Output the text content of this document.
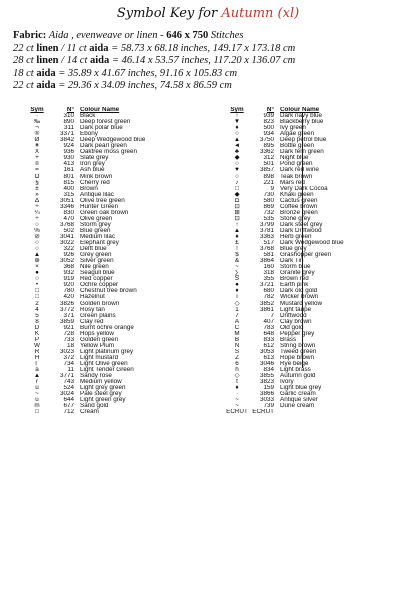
Symbol Key for Autumn (xl)
Fabric: Aida , evenweave or linen - 646 x 750 Stitches
22 ct linen / 11 ct aida = 58.73 x 68.18 inches, 149.17 x 173.18 cm
28 ct linen / 14 ct aida = 46.14 x 53.57 inches, 117.20 x 136.07 cm
18 ct aida = 35.89 x 41.67 inches, 91.16 x 105.83 cm
22 ct aida = 29.36 x 34.09 inches, 74.58 x 86.59 cm
Sym	N°	Colour Name
·	310	Black
‰	890	Deep forest green
¬	311	Dark polar blue
®	3371	Ebony
Ø	3842	Deep Wedgewood blue
¥	924	Dark pearl green
X	936	Oaktree moss green
+	930	Slate grey
¤	413	Iron grey
=	161	Ash blue
Ω	801	Mink brown
§	815	Cherry red
±	400	Brown
»	315	Antique lilac
Δ	3051	Olive tree green
÷	3346	Hunter Green
¼	830	Green oak brown
÷	470	Olive green
○	3768	Storm grey
%	502	Blue green
⊘	3041	Medium lilac
○	3022	Elephant grey
○	322	Delft blue
▲	926	Grey green
⊕	3052	Silver green
×	368	Nile green
●	932	Seagull blue
○	919	Red copper
•	920	Ochre copper
□	780	Chestnut tree brown
□	420	Hazelnut
2	3826	Golden brown
4	3772	Rosy tan
5	371	Green plains
8	3859	Clay red
D	921	Burnt ochre orange
K	728	Hops yellow
P	733	Golden green
W	18	Yellow Plum
R	3023	Light platinum grey
H	372	Light mustard
Γ	734	Light Olive green
a	11	Light Tender Green
▲	3771	Sandy rose
r	743	Medium yellow
u	524	Light grey green
~	3024	Pale steel grey
u	644	Light green grey
m	677	Sand gold
□	712	Cream
Sym	N°	Colour Name
↑	939	Dark navy blue
▼	823	Blackberry blue
♦	500	Ivy green
○	934	Algae green
▲	3750	Deep petrol blue
◄	895	Bottle green
♣	3362	Dark fern green
◆	312	Night blue
○	501	Pond green
♥	3857	Dark red wine
○	898	Teak brown
♪	221	Mars red
□	9	Very Dark Cocoa
◆	730	Khaki green
◘	580	Cactus green
⊡	869	Coffee brown
⊞	732	Bronze green
⊡	535	Stone grey
↑	3799	Dark steel grey
▲	3781	Dark Driftwood
♦	3363	Herb green
£	517	Dark Wedgewood blue
!	3768	Blue grey
$	581	Grashopper green
&	3864	Dark Tin
~	160	Storm blue
∑	318	Granite grey
Ś	355	Brown red
●	3721	Earth pink
♦	680	Dark old gold
ì	782	Wicker brown
◇	3852	Mustard yellow
1	3861	Light taupe
7	7	Driftwood
A	407	Clay brown
C	783	Old gold
M	648	Pepper grey
B	833	Brass
N	612	String brown
S	3053	Tweed green
Z	613	Rope brown
6	3046	Rye beige
h	834	Light brass
◇	3855	Autumn gold
t	3823	Ivory
♦	159	Light blue grey
·	3866	Garlic cream
~	3033	Antique silver
~	739	Dune cream
ECRUT	ECRUT	
